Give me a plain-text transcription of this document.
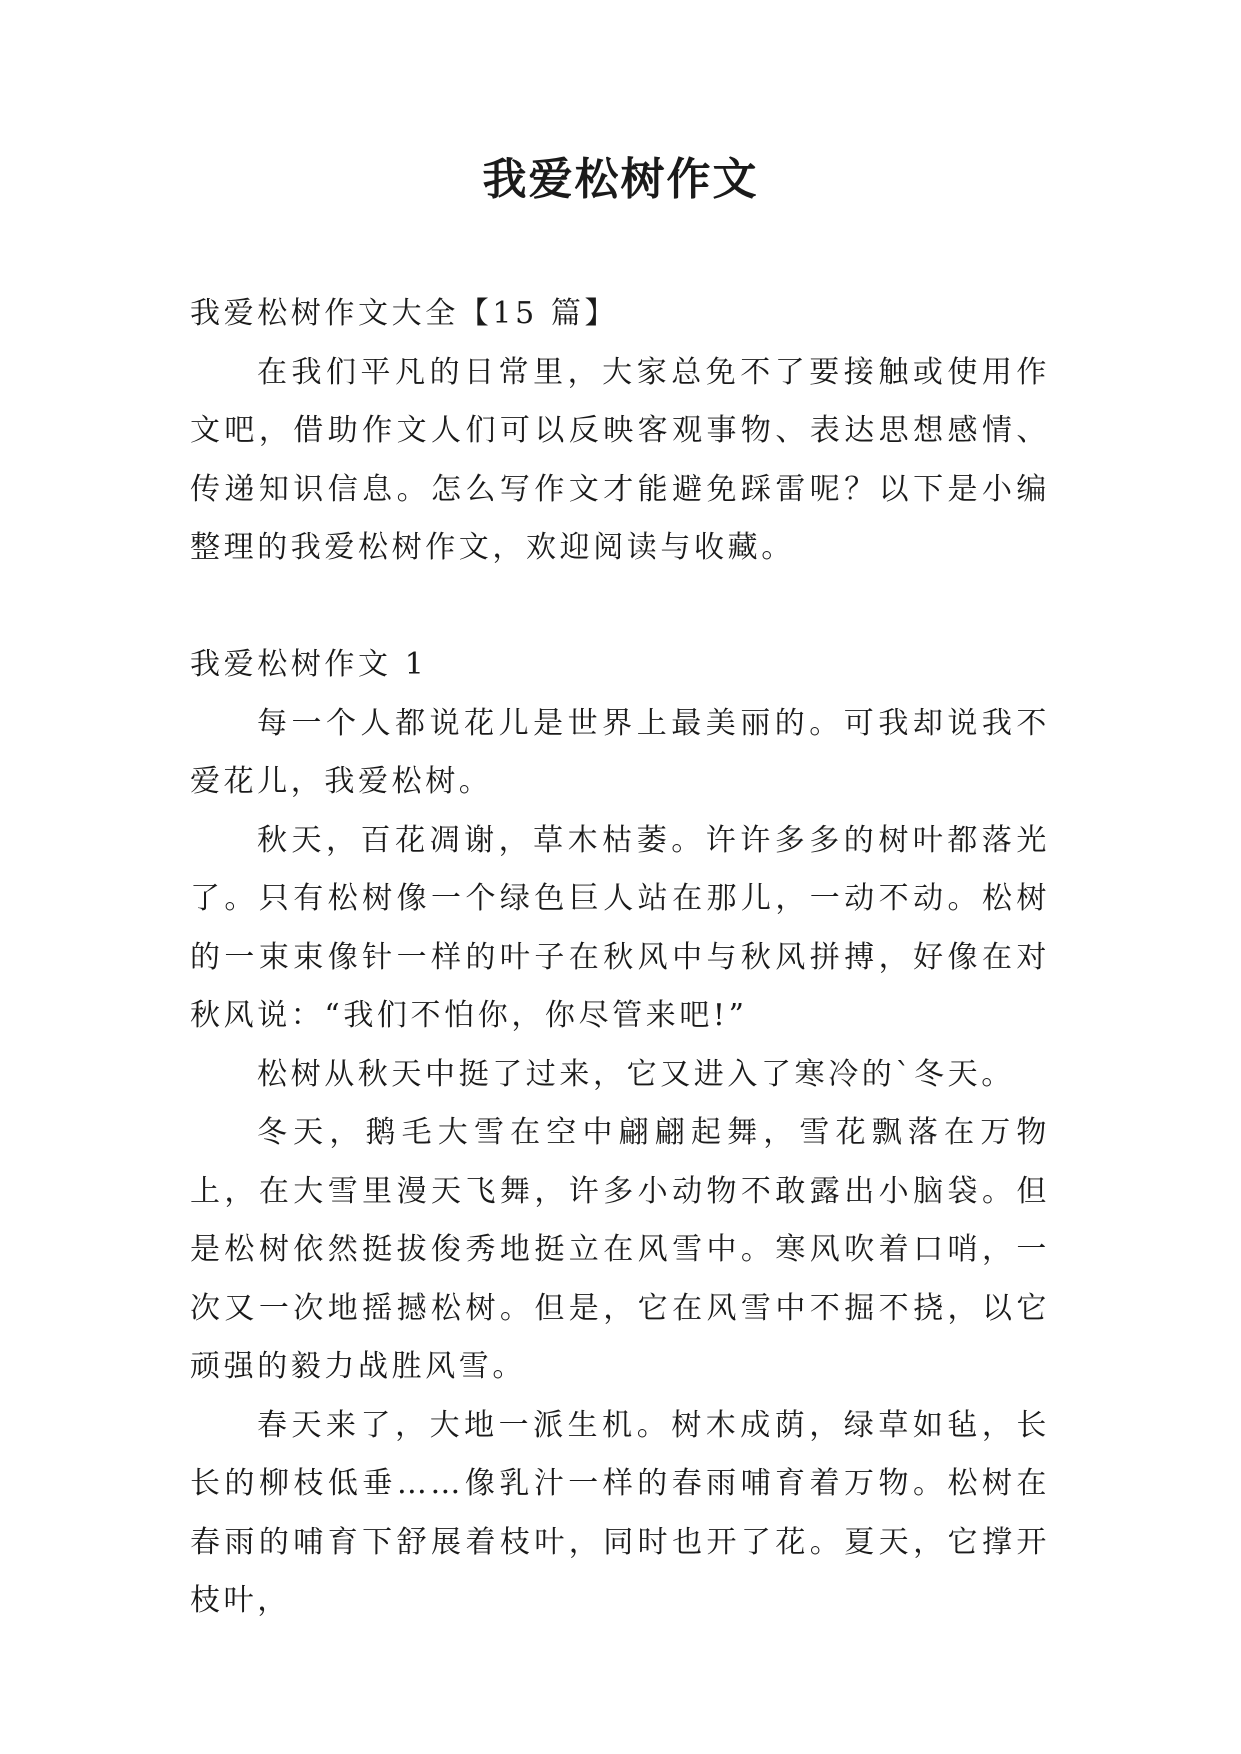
我爱松树作文

我爱松树作文大全【15 篇】

在我们平凡的日常里，大家总免不了要接触或使用作文吧，借助作文人们可以反映客观事物、表达思想感情、传递知识信息。怎么写作文才能避免踩雷呢？以下是小编整理的我爱松树作文，欢迎阅读与收藏。

我爱松树作文 1

每一个人都说花儿是世界上最美丽的。可我却说我不爱花儿，我爱松树。

秋天，百花凋谢，草木枯萎。许许多多的树叶都落光了。只有松树像一个绿色巨人站在那儿，一动不动。松树的一束束像针一样的叶子在秋风中与秋风拼搏，好像在对秋风说：“我们不怕你，你尽管来吧!”

松树从秋天中挺了过来，它又进入了寒冷的`冬天。

冬天，鹅毛大雪在空中翩翩起舞，雪花飘落在万物上，在大雪里漫天飞舞，许多小动物不敢露出小脑袋。但是松树依然挺拔俊秀地挺立在风雪中。寒风吹着口哨，一次又一次地摇撼松树。但是，它在风雪中不掘不挠，以它顽强的毅力战胜风雪。

春天来了，大地一派生机。树木成荫，绿草如毡，长长的柳枝低垂……像乳汁一样的春雨哺育着万物。松树在春雨的哺育下舒展着枝叶，同时也开了花。夏天，它撑开枝叶，
